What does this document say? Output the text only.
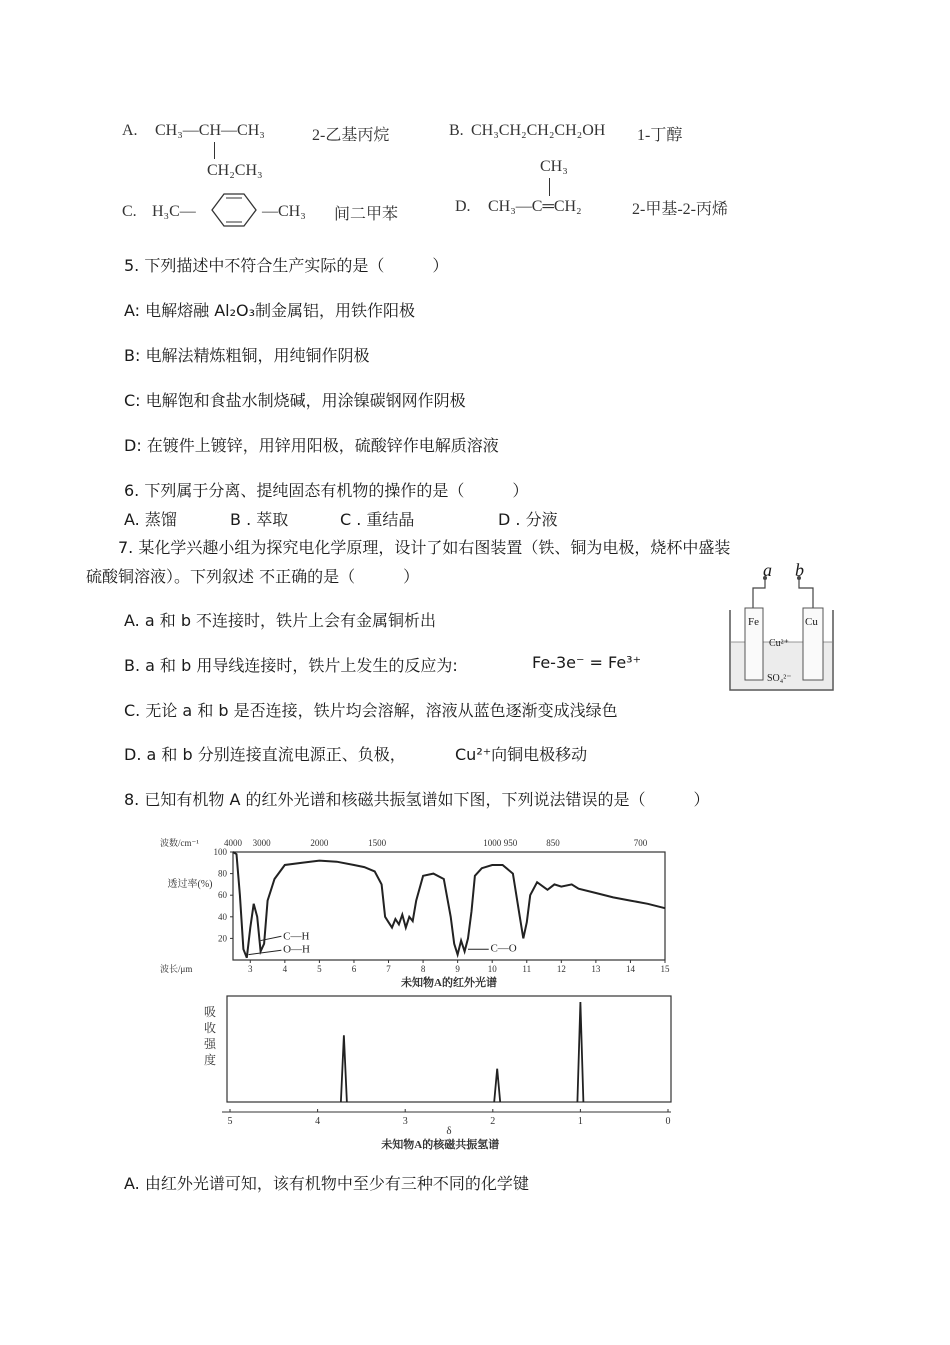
A. CH₃—CH—CH₃
CH₂CH₃
2-乙基丙烷	B. CH₃CH₂CH₂CH₂OH 1-丁醇
C. H₃C—	—CH₃ 间二甲苯	D.
CH₃
CH₃—C═CH₂	2-甲基-2-丙烯
5. 下列描述中不符合生产实际的是（　　　）
A: 电解熔融 Al₂O₃制金属铝，用铁作阳极
B: 电解法精炼粗铜，用纯铜作阴极
C: 电解饱和食盐水制烧碱，用涂镍碳钢网作阴极
D: 在镀件上镀锌，用锌用阳极，硫酸锌作电解质溶液
6. 下列属于分离、提纯固态有机物的操作的是（　　　）
A. 蒸馏	B . 萃取	C . 重结晶	D . 分液
7. 某化学兴趣小组为探究电化学原理，设计了如右图装置（铁、铜为电极，烧杯中盛装
硫酸铜溶液）。下列叙述 不正确的是（　　　）
A. a 和 b 不连接时，铁片上会有金属铜析出
B. a 和 b 用导线连接时，铁片上发生的反应为:	Fe-3e⁻ = Fe³⁺
C. 无论 a 和 b 是否连接，铁片均会溶解，溶液从蓝色逐渐变成浅绿色
D. a 和 b 分别连接直流电源正、负极，	Cu²⁺向铜电极移动
a b
Fe	Cu
Cu²⁺
SO₄²⁻
8. 已知有机物 A 的红外光谱和核磁共振氢谱如下图，下列说法错误的是（　　　）
波数/cm⁻¹	4000 3000	2000	1500	1000 950	850	700
100
80
60
40
20
透过率(%)
3	4	5	6	7	8	9	10	11	12	13	14	15
波长/μm
未知物A的红外光谱
C—H
O—H	C—O
吸
收
强
度
5	4	3	2	1	0
δ
未知物A的核磁共振氢谱
A. 由红外光谱可知，该有机物中至少有三种不同的化学键
